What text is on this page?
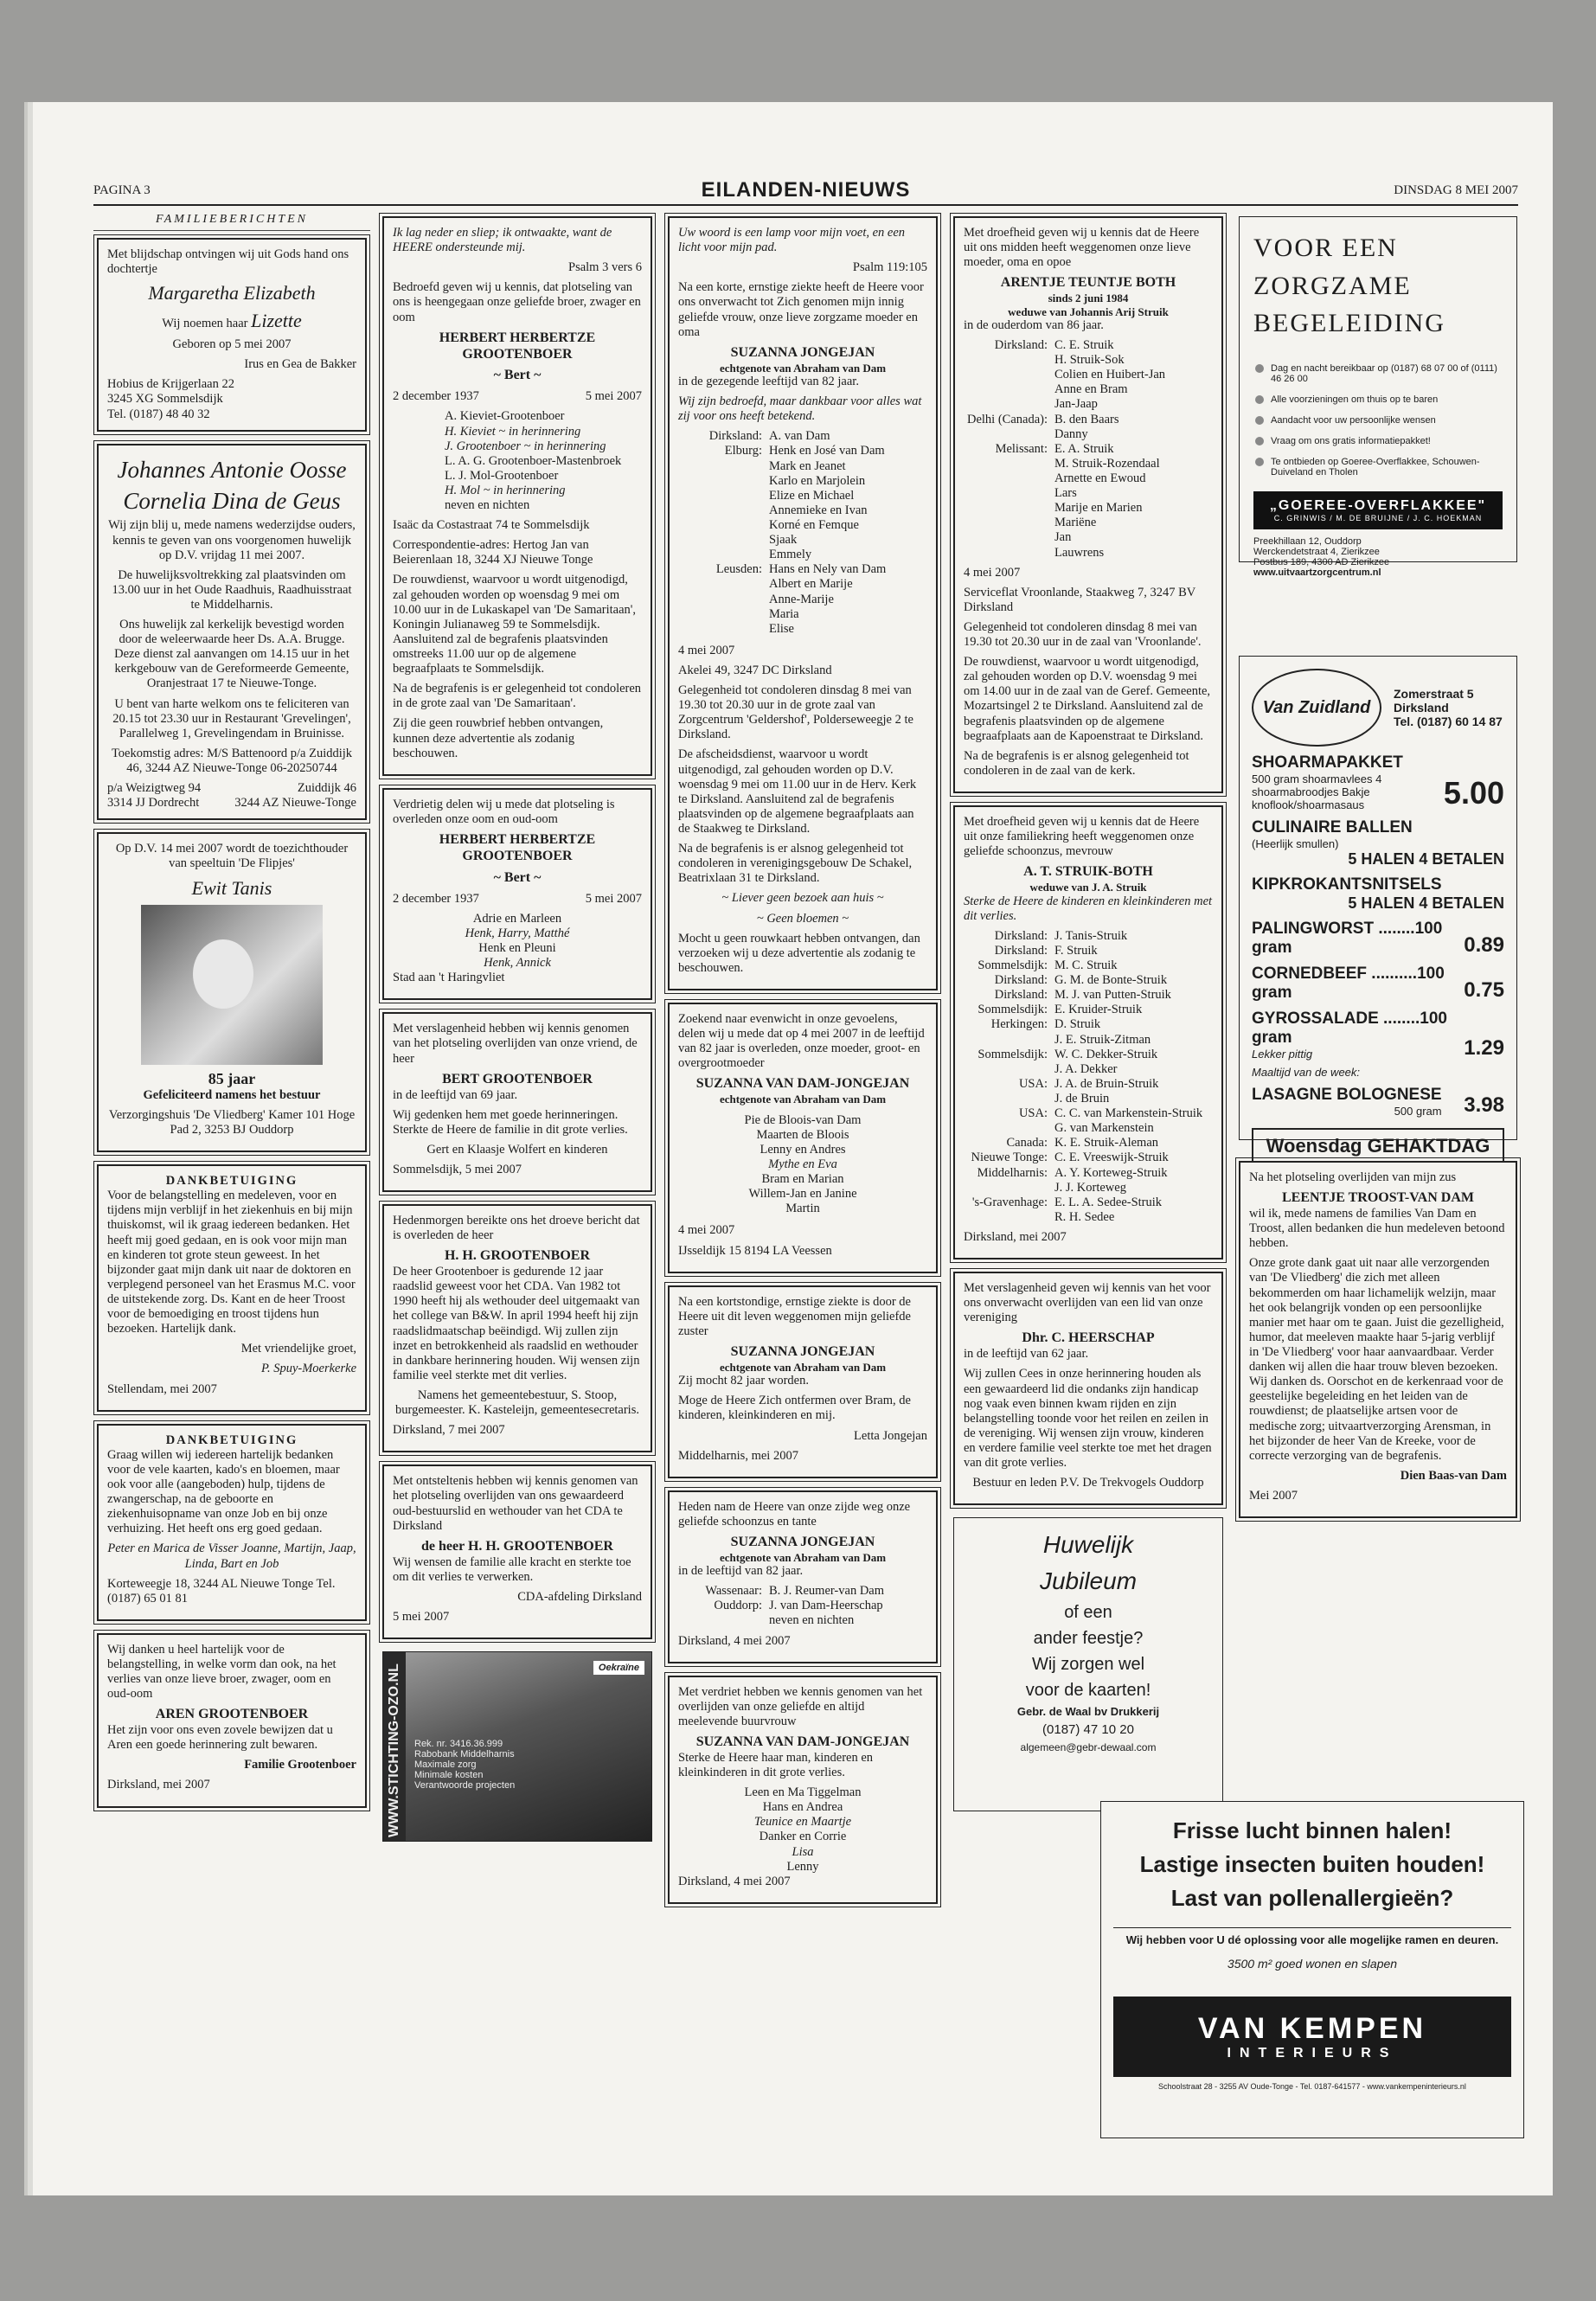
PAGINA 3	EILANDEN-NIEUWS	DINSDAG 8 MEI 2007
FAMILIEBERICHTEN

Met blijdschap ontvingen wij uit Gods hand ons dochtertje

Margaretha Elizabeth

Wij noemen haar Lizette

Geboren op 5 mei 2007

Irus en Gea de Bakker

Hobius de Krijgerlaan 22
3245 XG Sommelsdijk
Tel. (0187) 48 40 32
Johannes Antonie Oosse
Cornelia Dina de Geus

Wij zijn blij u, mede namens wederzijdse ouders, kennis te geven van ons voorgenomen huwelijk op D.V. vrijdag 11 mei 2007.

De huwelijksvoltrekking zal plaatsvinden om 13.00 uur in het Oude Raadhuis, Raadhuisstraat te Middelharnis.

Ons huwelijk zal kerkelijk bevestigd worden door de weleerwaarde heer Ds. A.A. Brugge. Deze dienst zal aanvangen om 14.15 uur in het kerkgebouw van de Gereformeerde Gemeente, Oranjestraat 17 te Nieuwe-Tonge.

U bent van harte welkom ons te feliciteren van 20.15 tot 23.30 uur in Restaurant 'Grevelingen', Parallelweg 1, Grevelingendam in Bruinisse.

Toekomstig adres: M/S Battenoord p/a Zuiddijk 46, 3244 AZ Nieuwe-Tonge 06-20250744

p/a Weizigtweg 94
3314 JJ Dordrecht
Zuiddijk 46
3244 AZ Nieuwe-Tonge

Op D.V. 14 mei 2007 wordt de toezichthouder van speeltuin 'De Flipjes'

Ewit Tanis
85 jaar

Gefeliciteerd namens het bestuur

Verzorgingshuis 'De Vliedberg' Kamer 101 Hoge Pad 2, 3253 BJ Ouddorp

DANKBETUIGING

Voor de belangstelling en medeleven, voor en tijdens mijn verblijf in het ziekenhuis en bij mijn thuiskomst, wil ik graag iedereen bedanken. Het heeft mij goed gedaan, en is ook voor mijn man en kinderen tot grote steun geweest. In het bijzonder gaat mijn dank uit naar de doktoren en verplegend personeel van het Erasmus M.C. voor de uitstekende zorg. Ds. Kant en de heer Troost voor de bemoediging en troost tijdens hun bezoeken. Hartelijk dank.

Met vriendelijke groet,

P. Spuy-Moerkerke

Stellendam, mei 2007

DANKBETUIGING

Graag willen wij iedereen hartelijk bedanken voor de vele kaarten, kado's en bloemen, maar ook voor alle (aangeboden) hulp, tijdens de zwangerschap, na de geboorte en ziekenhuisopname van onze Job en bij onze verhuizing. Het heeft ons erg goed gedaan.

Peter en Marica de Visser Joanne, Martijn, Jaap, Linda, Bart en Job

Korteweegje 18, 3244 AL Nieuwe Tonge Tel. (0187) 65 01 81

Wij danken u heel hartelijk voor de belangstelling, in welke vorm dan ook, na het verlies van onze lieve broer, zwager, oom en oud-oom

AREN GROOTENBOER

Het zijn voor ons even zovele bewijzen dat u Aren een goede herinnering zult bewaren.

Familie Grootenboer

Dirksland, mei 2007

Ik lag neder en sliep; ik ontwaakte, want de HEERE ondersteunde mij.

Psalm 3 vers 6

Bedroefd geven wij u kennis, dat plotseling van ons is heengegaan onze geliefde broer, zwager en oom

HERBERT HERBERTZE GROOTENBOER
~ Bert ~
2 december 1937	5 mei 2007
A. Kieviet-Grootenboer
H. Kieviet ~ in herinnering
J. Grootenboer ~ in herinnering
L. A. G. Grootenboer-Mastenbroek
L. J. Mol-Grootenboer
H. Mol ~ in herinnering
neven en nichten

Isaäc da Costastraat 74 te Sommelsdijk

Correspondentie-adres: Hertog Jan van Beierenlaan 18, 3244 XJ Nieuwe Tonge

De rouwdienst, waarvoor u wordt uitgenodigd, zal gehouden worden op woensdag 9 mei om 10.00 uur in de Lukaskapel van 'De Samaritaan', Koningin Julianaweg 59 te Sommelsdijk. Aansluitend zal de begrafenis plaatsvinden omstreeks 11.00 uur op de algemene begraafplaats te Sommelsdijk.

Na de begrafenis is er gelegenheid tot condoleren in de grote zaal van 'De Samaritaan'.

Zij die geen rouwbrief hebben ontvangen, kunnen deze advertentie als zodanig beschouwen.

Verdrietig delen wij u mede dat plotseling is overleden onze oom en oud-oom

HERBERT HERBERTZE GROOTENBOER
~ Bert ~
2 december 1937	5 mei 2007
Adrie en Marleen
Henk, Harry, Matthé
Henk en Pleuni
Henk, Annick

Stad aan 't Haringvliet

Met verslagenheid hebben wij kennis genomen van het plotseling overlijden van onze vriend, de heer

BERT GROOTENBOER

in de leeftijd van 69 jaar.

Wij gedenken hem met goede herinneringen. Sterkte de Heere de familie in dit grote verlies.

Gert en Klaasje Wolfert en kinderen

Sommelsdijk, 5 mei 2007

Hedenmorgen bereikte ons het droeve bericht dat is overleden de heer

H. H. GROOTENBOER

De heer Grootenboer is gedurende 12 jaar raadslid geweest voor het CDA. Van 1982 tot 1990 heeft hij als wethouder deel uitgemaakt van het college van B&W. In april 1994 heeft hij zijn raadslidmaatschap beëindigd. Wij zullen zijn inzet en betrokkenheid als raadslid en wethouder in dankbare herinnering houden. Wij wensen zijn familie veel sterkte met dit verlies.

Namens het gemeentebestuur, S. Stoop, burgemeester. K. Kasteleijn, gemeentesecretaris.

Dirksland, 7 mei 2007

Met ontsteltenis hebben wij kennis genomen van het plotseling overlijden van ons gewaardeerd oud-bestuurslid en wethouder van het CDA te Dirksland

de heer H. H. GROOTENBOER

Wij wensen de familie alle kracht en sterkte toe om dit verlies te verwerken.

CDA-afdeling Dirksland

5 mei 2007

WWW.STICHTING-OZO.NL	Oekraïne
Rek. nr. 3416.36.999
Rabobank Middelharnis
Maximale zorg
Minimale kosten
Verantwoorde projecten

Uw woord is een lamp voor mijn voet, en een licht voor mijn pad.

Psalm 119:105

Na een korte, ernstige ziekte heeft de Heere voor ons onverwacht tot Zich genomen mijn innig geliefde vrouw, onze lieve zorgzame moeder en oma

SUZANNA JONGEJAN
echtgenote van Abraham van Dam

in de gezegende leeftijd van 82 jaar.

Wij zijn bedroefd, maar dankbaar voor alles wat zij voor ons heeft betekend.

Dirksland: A. van Dam
Elburg: Henk en José van Dam
Mark en Jeanet
Karlo en Marjolein
Elize en Michael
Annemieke en Ivan
Korné en Femque
Sjaak
Emmely
Leusden: Hans en Nely van Dam
Albert en Marije
Anne-Marije
Maria
Elise

4 mei 2007

Akelei 49, 3247 DC Dirksland

Gelegenheid tot condoleren dinsdag 8 mei van 19.30 tot 20.30 uur in de grote zaal van Zorgcentrum 'Geldershof', Polderseweegje 2 te Dirksland.

De afscheidsdienst, waarvoor u wordt uitgenodigd, zal gehouden worden op D.V. woensdag 9 mei om 11.00 uur in de Herv. Kerk te Dirksland. Aansluitend zal de begrafenis plaatsvinden op de algemene begraafplaats aan de Staakweg te Dirksland.

Na de begrafenis is er alsnog gelegenheid tot condoleren in verenigingsgebouw De Schakel, Beatrixlaan 31 te Dirksland.

~ Liever geen bezoek aan huis ~

~ Geen bloemen ~

Mocht u geen rouwkaart hebben ontvangen, dan verzoeken wij u deze advertentie als zodanig te beschouwen.

Zoekend naar evenwicht in onze gevoelens, delen wij u mede dat op 4 mei 2007 in de leeftijd van 82 jaar is overleden, onze moeder, groot- en overgrootmoeder

SUZANNA VAN DAM-JONGEJAN
echtgenote van Abraham van Dam
Pie de Bloois-van Dam
Maarten de Bloois
Lenny en Andres
Mythe en Eva
Bram en Marian
Willem-Jan en Janine
Martin

4 mei 2007

IJsseldijk 15 8194 LA Veessen

Na een kortstondige, ernstige ziekte is door de Heere uit dit leven weggenomen mijn geliefde zuster

SUZANNA JONGEJAN
echtgenote van Abraham van Dam

Zij mocht 82 jaar worden.

Moge de Heere Zich ontfermen over Bram, de kinderen, kleinkinderen en mij.

Letta Jongejan

Middelharnis, mei 2007

Heden nam de Heere van onze zijde weg onze geliefde schoonzus en tante

SUZANNA JONGEJAN
echtgenote van Abraham van Dam

in de leeftijd van 82 jaar.

Wassenaar: B. J. Reumer-van Dam
Ouddorp: J. van Dam-Heerschap
neven en nichten

Dirksland, 4 mei 2007

Met verdriet hebben we kennis genomen van het overlijden van onze geliefde en altijd meelevende buurvrouw

SUZANNA VAN DAM-JONGEJAN

Sterke de Heere haar man, kinderen en kleinkinderen in dit grote verlies.

Leen en Ma Tiggelman
Hans en Andrea
Teunice en Maartje
Danker en Corrie
Lisa
Lenny

Dirksland, 4 mei 2007

Met droefheid geven wij u kennis dat de Heere uit ons midden heeft weggenomen onze lieve moeder, oma en opoe

ARENTJE TEUNTJE BOTH
sinds 2 juni 1984
weduwe van Johannis Arij Struik

in de ouderdom van 86 jaar.

Dirksland: C. E. Struik
H. Struik-Sok
Colien en Huibert-Jan
Anne en Bram
Jan-Jaap
Delhi (Canada): B. den Baars
Danny
Melissant: E. A. Struik
M. Struik-Rozendaal
Arnette en Ewoud
Lars
Marije en Marien
Mariëne
Jan
Lauwrens

4 mei 2007

Serviceflat Vroonlande, Staakweg 7, 3247 BV Dirksland

Gelegenheid tot condoleren dinsdag 8 mei van 19.30 tot 20.30 uur in de zaal van 'Vroonlande'.

De rouwdienst, waarvoor u wordt uitgenodigd, zal gehouden worden op D.V. woensdag 9 mei om 14.00 uur in de zaal van de Geref. Gemeente, Mozartsingel 2 te Dirksland. Aansluitend zal de begrafenis plaatsvinden op de algemene begraafplaats aan de Kapoenstraat te Dirksland.

Na de begrafenis is er alsnog gelegenheid tot condoleren in de zaal van de kerk.

Met droefheid geven wij u kennis dat de Heere uit onze familiekring heeft weggenomen onze geliefde schoonzus, mevrouw

A. T. STRUIK-BOTH
weduwe van J. A. Struik

Sterke de Heere de kinderen en kleinkinderen met dit verlies.

Dirksland: J. Tanis-Struik
Dirksland: F. Struik
Sommelsdijk: M. C. Struik
Dirksland: G. M. de Bonte-Struik
Dirksland: M. J. van Putten-Struik
Sommelsdijk: E. Kruider-Struik
Herkingen: D. Struik
J. E. Struik-Zitman
Sommelsdijk: W. C. Dekker-Struik
J. A. Dekker
USA: J. A. de Bruin-Struik
J. de Bruin
USA: C. C. van Markenstein-Struik
G. van Markenstein
Canada: K. E. Struik-Aleman
Nieuwe Tonge: C. E. Vreeswijk-Struik
Middelharnis: A. Y. Korteweg-Struik
J. J. Korteweg
's-Gravenhage: E. L. A. Sedee-Struik
R. H. Sedee

Dirksland, mei 2007

Met verslagenheid geven wij kennis van het voor ons onverwacht overlijden van een lid van onze vereniging

Dhr. C. HEERSCHAP

in de leeftijd van 62 jaar.

Wij zullen Cees in onze herinnering houden als een gewaardeerd lid die ondanks zijn handicap nog vaak even binnen kwam rijden en zijn belangstelling toonde voor het reilen en zeilen in de vereniging. Wij wensen zijn vrouw, kinderen en verdere familie veel sterkte toe met het dragen van dit grote verlies.

Bestuur en leden P.V. De Trekvogels Ouddorp

Huwelijk
Jubileum
of een
ander feestje?
Wij zorgen wel
voor de kaarten!
Gebr. de Waal bv Drukkerij
(0187) 47 10 20
algemeen@gebr-dewaal.com
VOOR EEN
ZORGZAME
BEGELEIDING
Dag en nacht bereikbaar op (0187) 68 07 00 of (0111) 46 26 00
Alle voorzieningen om thuis op te baren
Aandacht voor uw persoonlijke wensen
Vraag om ons gratis informatiepakket!
Te ontbieden op Goeree-Overflakkee, Schouwen-Duiveland en Tholen
„GOEREE-OVERFLAKKEE"
C. GRINWIS / M. DE BRUIJNE / J. C. HOEKMAN
Preekhillaan 12, Ouddorp
Werckendetstraat 4, Zierikzee
Postbus 189, 4300 AD Zierikzee
www.uitvaartzorgcentrum.nl
Van Zuidland
Zomerstraat 5
Dirksland
Tel. (0187) 60 14 87
SHOARMAPAKKET
500 gram shoarmavlees 4 shoarmabroodjes Bakje knoflook/shoarmasaus	5.00
CULINAIRE BALLEN
(Heerlijk smullen)
5 HALEN 4 BETALEN
KIPKROKANTSNITSELS
5 HALEN 4 BETALEN
PALINGWORST ........100 gram	0.89
CORNEDBEEF ..........100 gram	0.75
GYROSSALADE ........100 gram
Lekker pittig	1.29
Maaltijd van de week:
LASAGNE BOLOGNESE
500 gram 3.98
Woensdag GEHAKTDAG

Na het plotseling overlijden van mijn zus

LEENTJE TROOST-VAN DAM

wil ik, mede namens de families Van Dam en Troost, allen bedanken die hun medeleven betoond hebben.

Onze grote dank gaat uit naar alle verzorgenden van 'De Vliedberg' die zich met alleen bekommerden om haar lichamelijk welzijn, maar het ook belangrijk vonden op een persoonlijke manier met haar om te gaan. Juist die gezelligheid, humor, dat meeleven maakte haar 5-jarig verblijf in 'De Vliedberg' voor haar aanvaardbaar. Verder danken wij allen die haar trouw bleven bezoeken. Wij danken ds. Oorschot en de kerkenraad voor de geestelijke begeleiding en het leiden van de rouwdienst; de plaatselijke artsen voor de medische zorg; uitvaartverzorging Arensman, in het bijzonder de heer Van de Kreeke, voor de correcte verzorging van de begrafenis.

Dien Baas-van Dam

Mei 2007

Frisse lucht binnen halen!
Lastige insecten buiten houden!
Last van pollenallergieën?
Wij hebben voor U dé oplossing voor alle mogelijke ramen en deuren.
3500 m² goed wonen en slapen
VAN KEMPEN
INTERIEURS
Schoolstraat 28 - 3255 AV Oude-Tonge - Tel. 0187-641577 - www.vankempeninterieurs.nl
